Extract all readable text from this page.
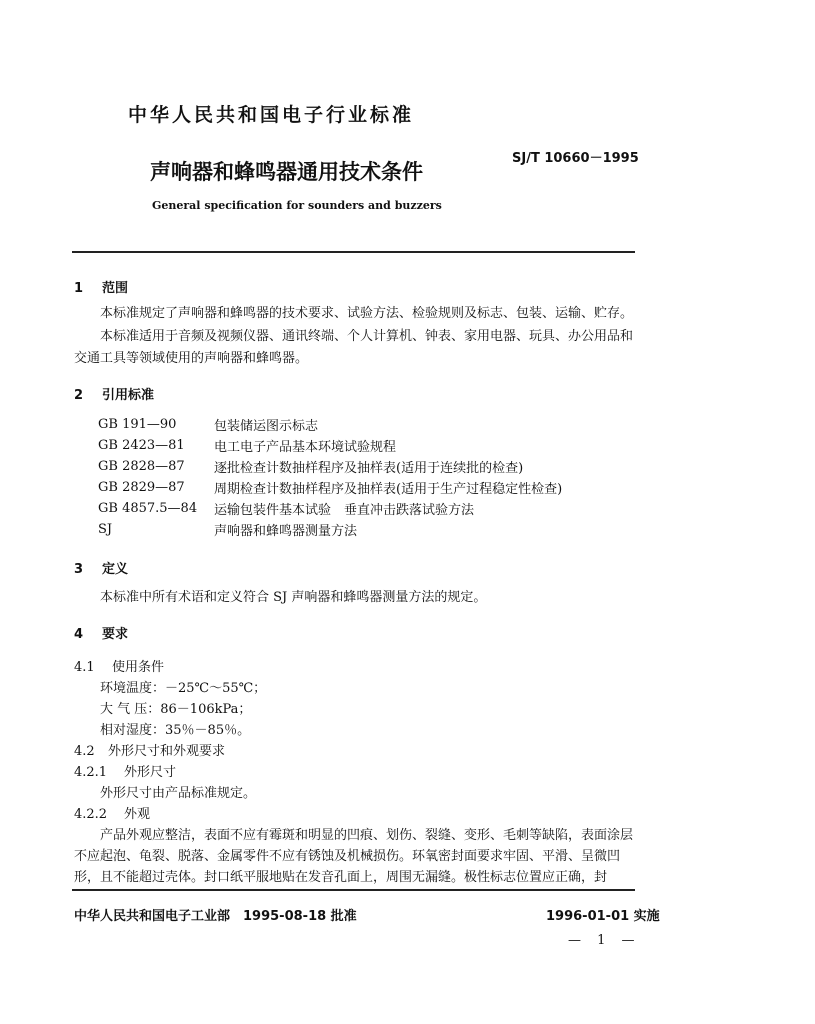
中华人民共和国电子行业标准
声响器和蜂鸣器通用技术条件
SJ/T 10660－1995
General specification for sounders and buzzers
1 范围
本标准规定了声响器和蜂鸣器的技术要求、试验方法、检验规则及标志、包装、运输、贮存。
本标准适用于音频及视频仪器、通讯终端、个人计算机、钟表、家用电器、玩具、办公用品和
交通工具等领域使用的声响器和蜂鸣器。
2 引用标准
GB 191—90	包装储运图示标志
GB 2423—81 电工电子产品基本环境试验规程
GB 2828—87 逐批检查计数抽样程序及抽样表(适用于连续批的检查)
GB 2829—87 周期检查计数抽样程序及抽样表(适用于生产过程稳定性检查)
GB 4857.5—84 运输包装件基本试验　垂直冲击跌落试验方法
SJ	声响器和蜂鸣器测量方法
3 定义
本标准中所有术语和定义符合 SJ 声响器和蜂鸣器测量方法的规定。
4 要求
4.1 使用条件
环境温度：－25℃～55℃；
大 气 压：86－106kPa；
相对湿度：35％－85％。
4.2 外形尺寸和外观要求
4.2.1 外形尺寸
外形尺寸由产品标准规定。
4.2.2 外观
产品外观应整洁，表面不应有霉斑和明显的凹痕、划伤、裂缝、变形、毛刺等缺陷，表面涂层
不应起泡、龟裂、脱落、金属零件不应有锈蚀及机械损伤。环氧密封面要求牢固、平滑、呈微凹
形，且不能超过壳体。封口纸平服地贴在发音孔面上，周围无漏缝。极性标志位置应正确，封
中华人民共和国电子工业部　1995-08-18 批准	1996-01-01 实施
— 1 —
